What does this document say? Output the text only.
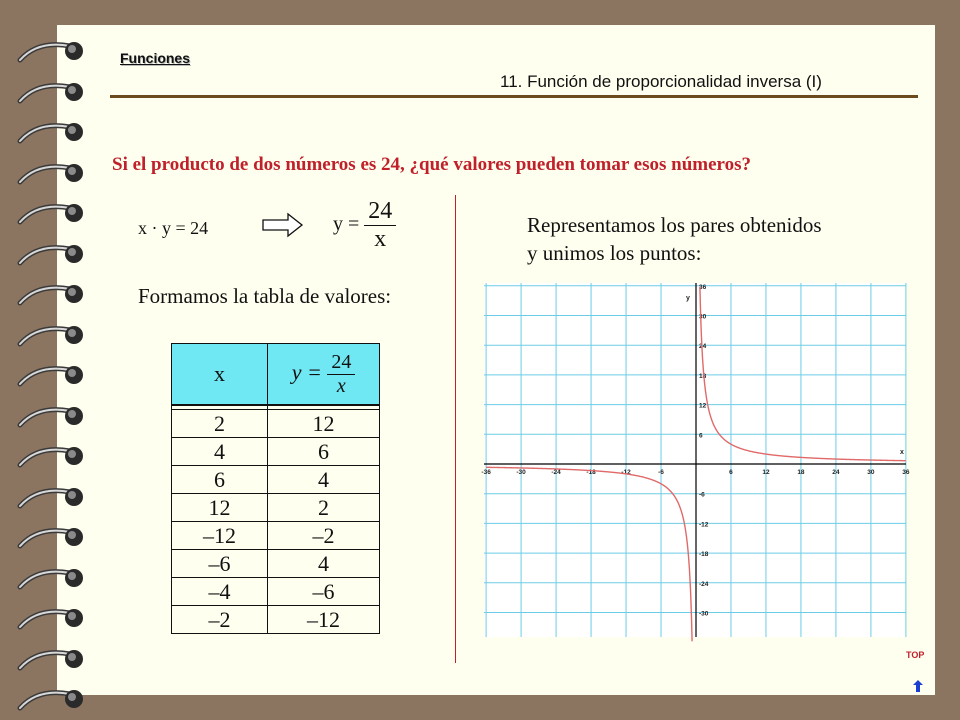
Funciones
11. Función de proporcionalidad inversa (I)
Si el producto de dos números es 24, ¿qué valores pueden tomar esos números?
x · y = 24	$y = \frac{24}{x}$
Formamos la tabla de valores:
Representamos los pares obtenidos
y unimos los puntos:
x	$y = \frac{24}{x}$

2	12
4	6
6	4
12	2
–12	–2
–6	4
–4	–6
–2	–12
-36	-30	-24	-18	-12	-6	6	12	18	24	30	36
36
30
24
18
12
6
-6
-12
-18
-24
-30
x
y
TOP
